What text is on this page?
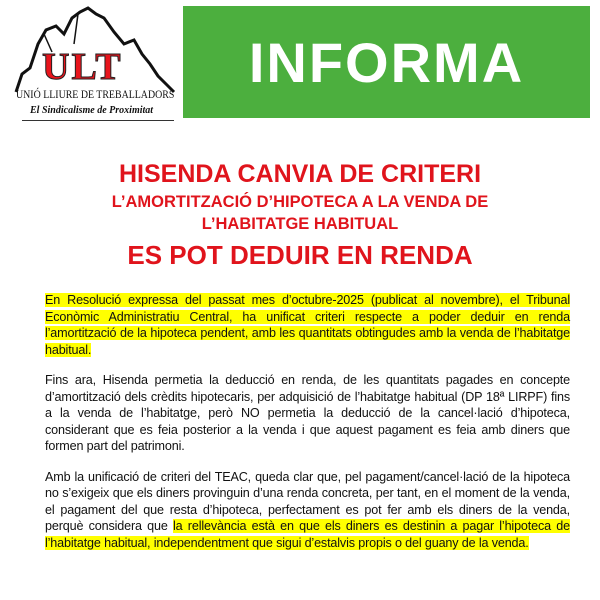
ULT
UNIÓ LLIURE DE TREBALLADORS
El Sindicalisme de Proximitat
INFORMA
HISENDA CANVIA DE CRITERI
L’AMORTITZACIÓ D’HIPOTECA A LA VENDA DE
L’HABITATGE HABITUAL
ES POT DEDUIR EN RENDA
En Resolució expressa del passat mes d’octubre-2025 (publicat al novembre), el Tribunal Econòmic Administratiu Central, ha unificat criteri respecte a poder deduir en renda l’amortització de la hipoteca pendent, amb les quantitats obtingudes amb la venda de l’habitatge habitual.
Fins ara, Hisenda permetia la deducció en renda, de les quantitats pagades en concepte d’amortització dels crèdits hipotecaris, per adquisició de l’habitatge habitual (DP 18ª LIRPF) fins a la venda de l’habitatge, però NO permetia la deducció de la cancel·lació d’hipoteca, considerant que es feia posterior a la venda i que aquest pagament es feia amb diners que formen part del patrimoni.
Amb la unificació de criteri del TEAC, queda clar que, pel pagament/cancel·lació de la hipoteca no s’exigeix que els diners provinguin d’una renda concreta, per tant, en el moment de la venda, el pagament del que resta d’hipoteca, perfectament es pot fer amb els diners de la venda, perquè considera que la rellevància està en que els diners es destinin a pagar l’hipoteca de l’habitatge habitual, independentment que sigui d’estalvis propis o del guany de la venda.
